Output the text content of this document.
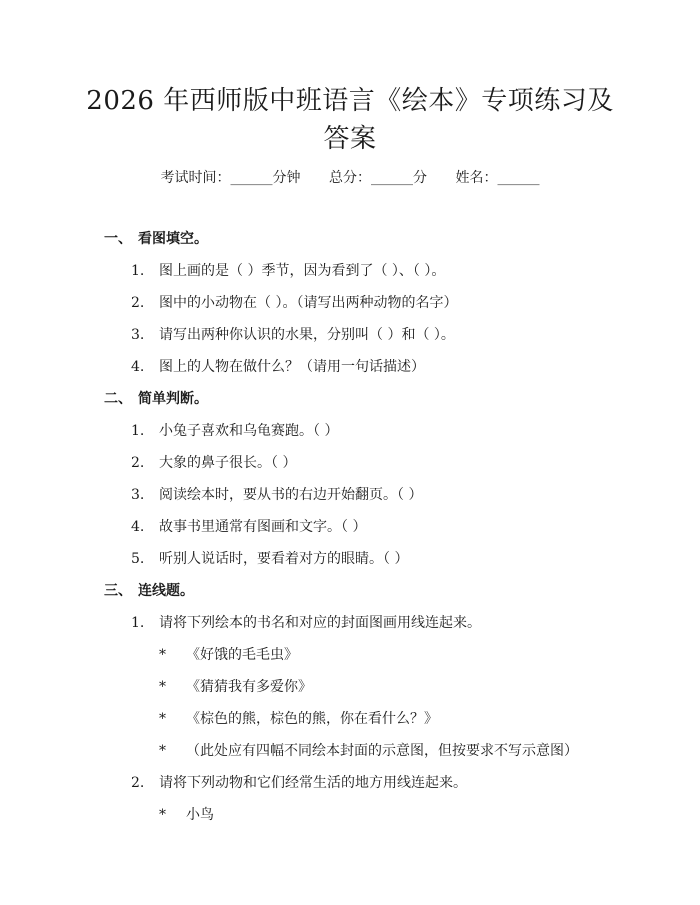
2026 年西师版中班语言《绘本》专项练习及
答案
考试时间：______分钟 总分：______分 姓名：______
一、 看图填空。
1. 图上画的是（ ）季节，因为看到了（ ）、（ ）。
2. 图中的小动物在（ ）。（请写出两种动物的名字）
3. 请写出两种你认识的水果，分别叫（ ）和（ ）。
4. 图上的人物在做什么？（请用一句话描述）
二、 简单判断。
1. 小兔子喜欢和乌龟赛跑。（ ）
2. 大象的鼻子很长。（ ）
3. 阅读绘本时，要从书的右边开始翻页。（ ）
4. 故事书里通常有图画和文字。（ ）
5. 听别人说话时，要看着对方的眼睛。（ ）
三、 连线题。
1. 请将下列绘本的书名和对应的封面图画用线连起来。
* 《好饿的毛毛虫》
* 《猜猜我有多爱你》
* 《棕色的熊，棕色的熊，你在看什么？》
* （此处应有四幅不同绘本封面的示意图，但按要求不写示意图）
2. 请将下列动物和它们经常生活的地方用线连起来。
* 小鸟
